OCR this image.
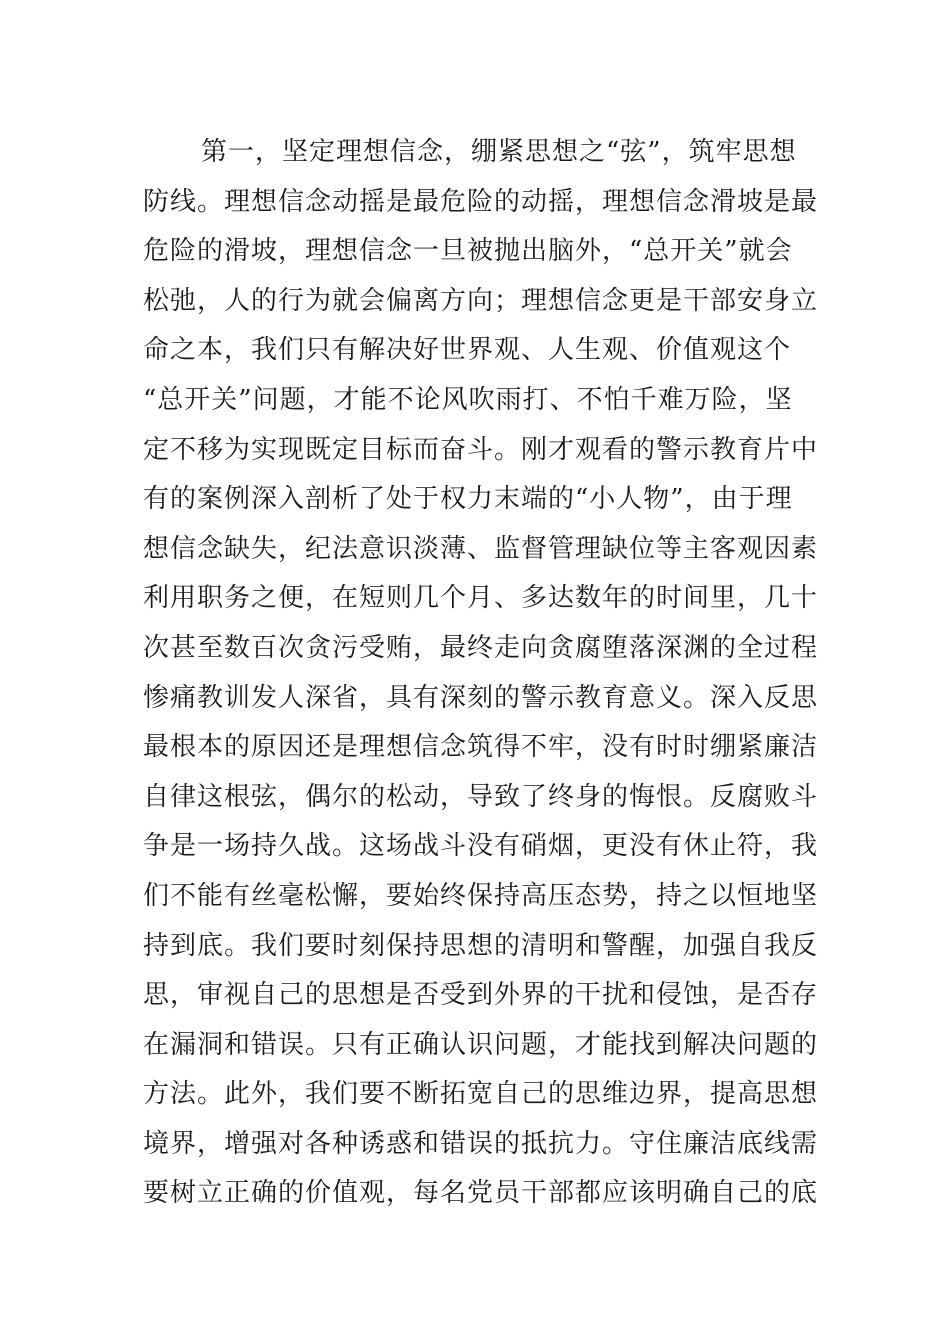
第一，坚定理想信念，绷紧思想之“弦”，筑牢思想
防线。理想信念动摇是最危险的动摇，理想信念滑坡是最
危险的滑坡，理想信念一旦被抛出脑外，“总开关”就会
松弛，人的行为就会偏离方向；理想信念更是干部安身立
命之本，我们只有解决好世界观、人生观、价值观这个
“总开关”问题，才能不论风吹雨打、不怕千难万险，坚
定不移为实现既定目标而奋斗。刚才观看的警示教育片中
有的案例深入剖析了处于权力末端的“小人物”，由于理
想信念缺失，纪法意识淡薄、监督管理缺位等主客观因素
利用职务之便，在短则几个月、多达数年的时间里，几十
次甚至数百次贪污受贿，最终走向贪腐堕落深渊的全过程
惨痛教训发人深省，具有深刻的警示教育意义。深入反思
最根本的原因还是理想信念筑得不牢，没有时时绷紧廉洁
自律这根弦，偶尔的松动，导致了终身的悔恨。反腐败斗
争是一场持久战。这场战斗没有硝烟，更没有休止符，我
们不能有丝毫松懈，要始终保持高压态势，持之以恒地坚
持到底。我们要时刻保持思想的清明和警醒，加强自我反
思，审视自己的思想是否受到外界的干扰和侵蚀，是否存
在漏洞和错误。只有正确认识问题，才能找到解决问题的
方法。此外，我们要不断拓宽自己的思维边界，提高思想
境界，增强对各种诱惑和错误的抵抗力。守住廉洁底线需
要树立正确的价值观，每名党员干部都应该明确自己的底
